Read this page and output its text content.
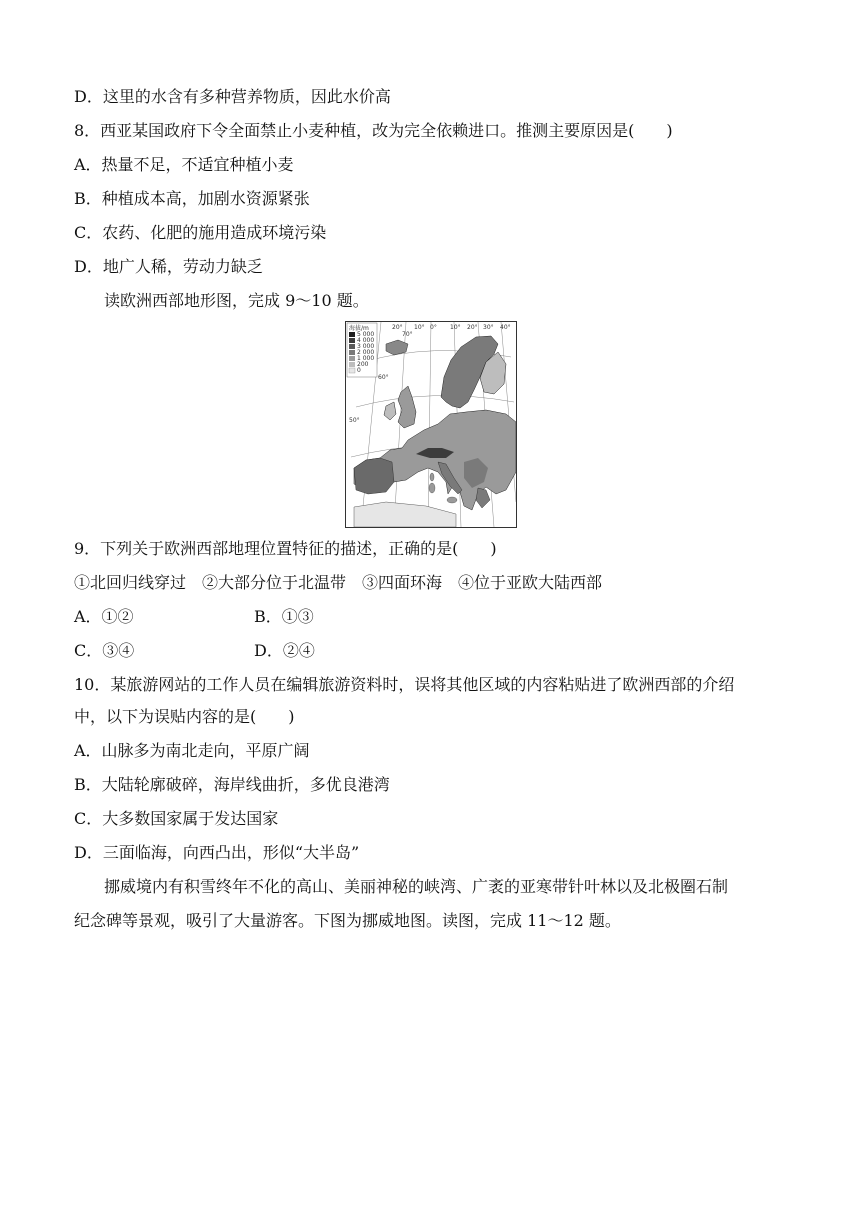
D．这里的水含有多种营养物质，因此水价高
8．西亚某国政府下令全面禁止小麦种植，改为完全依赖进口。推测主要原因是(　　)
A．热量不足，不适宜种植小麦
B．种植成本高，加剧水资源紧张
C．农药、化肥的施用造成环境污染
D．地广人稀，劳动力缺乏
读欧洲西部地形图，完成 9～10 题。
海拔/m
5 000
4 000
3 000
2 000
1 000
200
0
20° 10° 0° 10° 20° 30° 40°
70°
60°
50°
9．下列关于欧洲西部地理位置特征的描述，正确的是(　　)
①北回归线穿过　②大部分位于北温带　③四面环海　④位于亚欧大陆西部
A．①②	B．①③
C．③④	D．②④
10．某旅游网站的工作人员在编辑旅游资料时，误将其他区域的内容粘贴进了欧洲西部的介绍
中，以下为误贴内容的是(　　)
A．山脉多为南北走向，平原广阔
B．大陆轮廓破碎，海岸线曲折，多优良港湾
C．大多数国家属于发达国家
D．三面临海，向西凸出，形似“大半岛”
挪威境内有积雪终年不化的高山、美丽神秘的峡湾、广袤的亚寒带针叶林以及北极圈石制
纪念碑等景观，吸引了大量游客。下图为挪威地图。读图，完成 11～12 题。
